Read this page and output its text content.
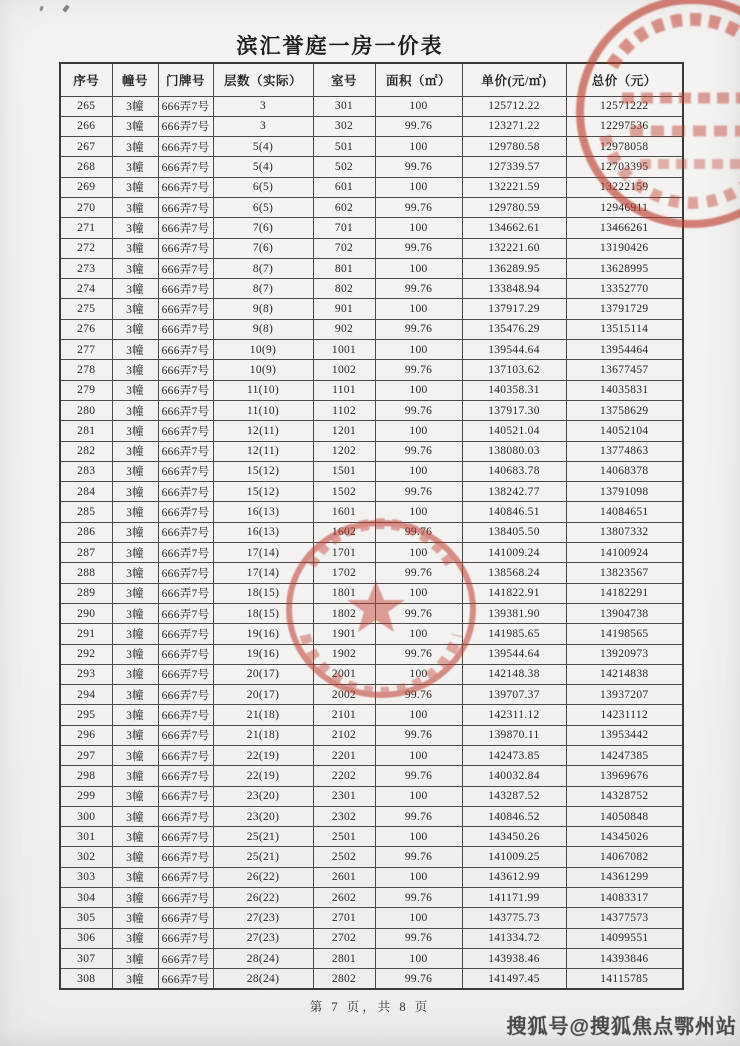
滨汇誉庭一房一价表
序号	幢号	门牌号	层数（实际）	室号	面积（㎡）	单价(元/㎡)	总价（元）
265	3幢	666弄7号	3	301	100	125712.22	12571222
266	3幢	666弄7号	3	302	99.76	123271.22	12297536
267	3幢	666弄7号	5(4)	501	100	129780.58	12978058
268	3幢	666弄7号	5(4)	502	99.76	127339.57	12703395
269	3幢	666弄7号	6(5)	601	100	132221.59	13222159
270	3幢	666弄7号	6(5)	602	99.76	129780.59	12946911
271	3幢	666弄7号	7(6)	701	100	134662.61	13466261
272	3幢	666弄7号	7(6)	702	99.76	132221.60	13190426
273	3幢	666弄7号	8(7)	801	100	136289.95	13628995
274	3幢	666弄7号	8(7)	802	99.76	133848.94	13352770
275	3幢	666弄7号	9(8)	901	100	137917.29	13791729
276	3幢	666弄7号	9(8)	902	99.76	135476.29	13515114
277	3幢	666弄7号	10(9)	1001	100	139544.64	13954464
278	3幢	666弄7号	10(9)	1002	99.76	137103.62	13677457
279	3幢	666弄7号	11(10)	1101	100	140358.31	14035831
280	3幢	666弄7号	11(10)	1102	99.76	137917.30	13758629
281	3幢	666弄7号	12(11)	1201	100	140521.04	14052104
282	3幢	666弄7号	12(11)	1202	99.76	138080.03	13774863
283	3幢	666弄7号	15(12)	1501	100	140683.78	14068378
284	3幢	666弄7号	15(12)	1502	99.76	138242.77	13791098
285	3幢	666弄7号	16(13)	1601	100	140846.51	14084651
286	3幢	666弄7号	16(13)	1602	99.76	138405.50	13807332
287	3幢	666弄7号	17(14)	1701	100	141009.24	14100924
288	3幢	666弄7号	17(14)	1702	99.76	138568.24	13823567
289	3幢	666弄7号	18(15)	1801	100	141822.91	14182291
290	3幢	666弄7号	18(15)	1802	99.76	139381.90	13904738
291	3幢	666弄7号	19(16)	1901	100	141985.65	14198565
292	3幢	666弄7号	19(16)	1902	99.76	139544.64	13920973
293	3幢	666弄7号	20(17)	2001	100	142148.38	14214838
294	3幢	666弄7号	20(17)	2002	99.76	139707.37	13937207
295	3幢	666弄7号	21(18)	2101	100	142311.12	14231112
296	3幢	666弄7号	21(18)	2102	99.76	139870.11	13953442
297	3幢	666弄7号	22(19)	2201	100	142473.85	14247385
298	3幢	666弄7号	22(19)	2202	99.76	140032.84	13969676
299	3幢	666弄7号	23(20)	2301	100	143287.52	14328752
300	3幢	666弄7号	23(20)	2302	99.76	140846.52	14050848
301	3幢	666弄7号	25(21)	2501	100	143450.26	14345026
302	3幢	666弄7号	25(21)	2502	99.76	141009.25	14067082
303	3幢	666弄7号	26(22)	2601	100	143612.99	14361299
304	3幢	666弄7号	26(22)	2602	99.76	141171.99	14083317
305	3幢	666弄7号	27(23)	2701	100	143775.73	14377573
306	3幢	666弄7号	27(23)	2702	99.76	141334.72	14099551
307	3幢	666弄7号	28(24)	2801	100	143938.46	14393846
308	3幢	666弄7号	28(24)	2802	99.76	141497.45	14115785
第 7 页，共 8 页
搜狐号@搜狐焦点鄂州站
